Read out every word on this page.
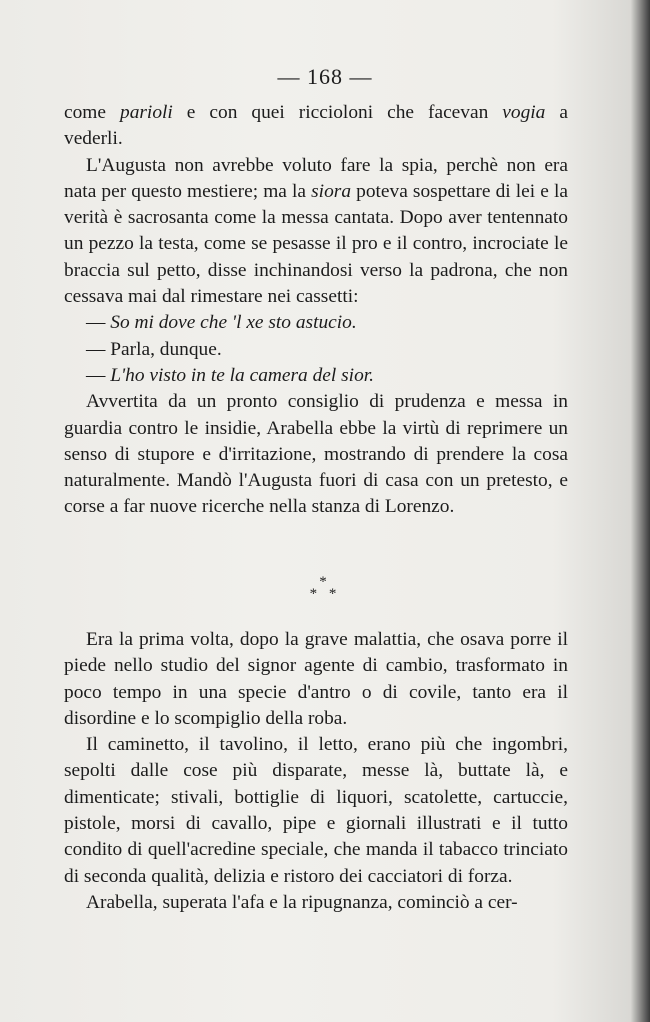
— 168 —

come parioli e con quei riccioloni che facevan vogia a

vederli.

L'Augusta non avrebbe voluto fare la spia, perchè non era nata per questo mestiere; ma la siora poteva sospettare di lei e la verità è sacrosanta come la messa cantata. Dopo aver tentennato un pezzo la testa, come se pesasse il pro e il contro, incrociate le braccia sul petto, disse inchinandosi verso la padrona, che non cessava mai dal rimestare nei cassetti:

— So mi dove che 'l xe sto astucio.

— Parla, dunque.

— L'ho visto in te la camera del sior.

Avvertita da un pronto consiglio di prudenza e messa in guardia contro le insidie, Arabella ebbe la virtù di reprimere un senso di stupore e d'irritazione, mostrando di prendere la cosa naturalmente. Mandò l'Augusta fuori di casa con un pretesto, e corse a far nuove ricerche nella stanza di Lorenzo.

*
* *

Era la prima volta, dopo la grave malattia, che osava porre il piede nello studio del signor agente di cambio, trasformato in poco tempo in una specie d'antro o di covile, tanto era il disordine e lo scompiglio della roba.

Il caminetto, il tavolino, il letto, erano più che ingombri, sepolti dalle cose più disparate, messe là, buttate là, e dimenticate; stivali, bottiglie di liquori, scatolette, cartuccie, pistole, morsi di cavallo, pipe e giornali illustrati e il tutto condito di quell'acredine speciale, che manda il tabacco trinciato di seconda qualità, delizia e ristoro dei cacciatori di forza.

Arabella, superata l'afa e la ripugnanza, cominciò a cer-
